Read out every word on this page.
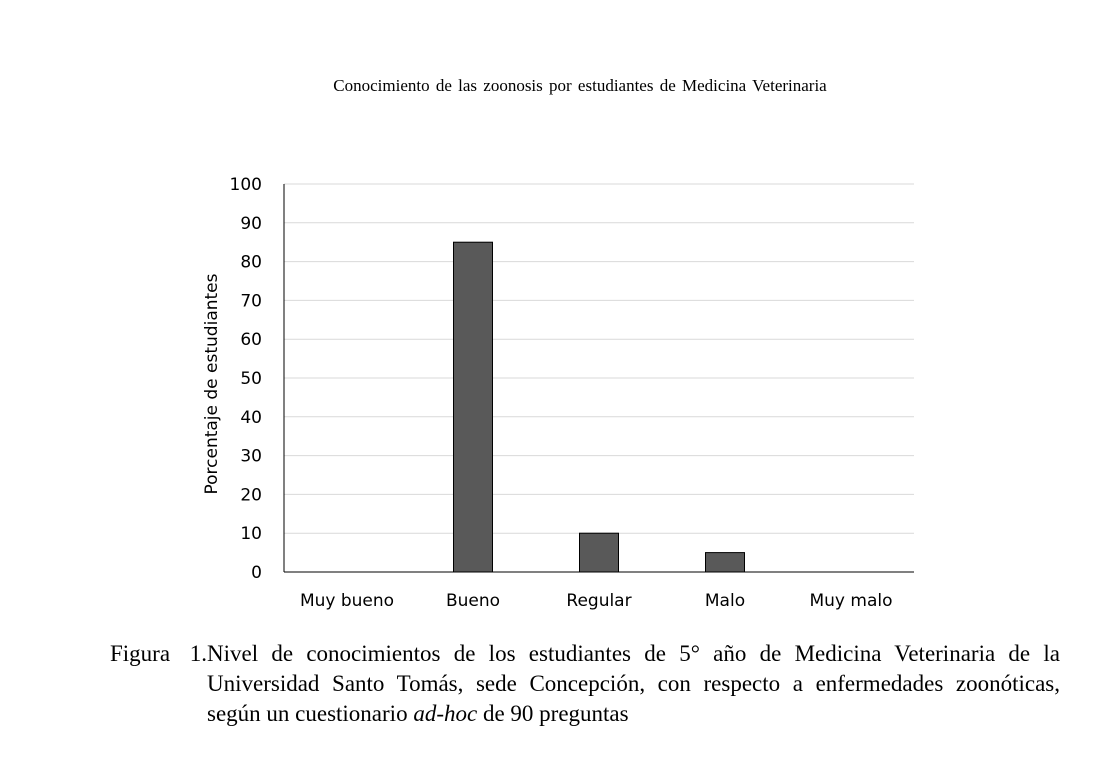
Conocimiento de las zoonosis por estudiantes de Medicina Veterinaria
0
10
20
30
40
50
60
70
80
90
100
Muy bueno	Bueno	Regular	Malo	Muy malo
Porcentaje de estudiantes
Figura 1.Nivel de conocimientos de los estudiantes de 5° año de Medicina Veterinaria de la
Universidad Santo Tomás, sede Concepción, con respecto a enfermedades zoonóticas,
según un cuestionario ad-hoc de 90 preguntas
